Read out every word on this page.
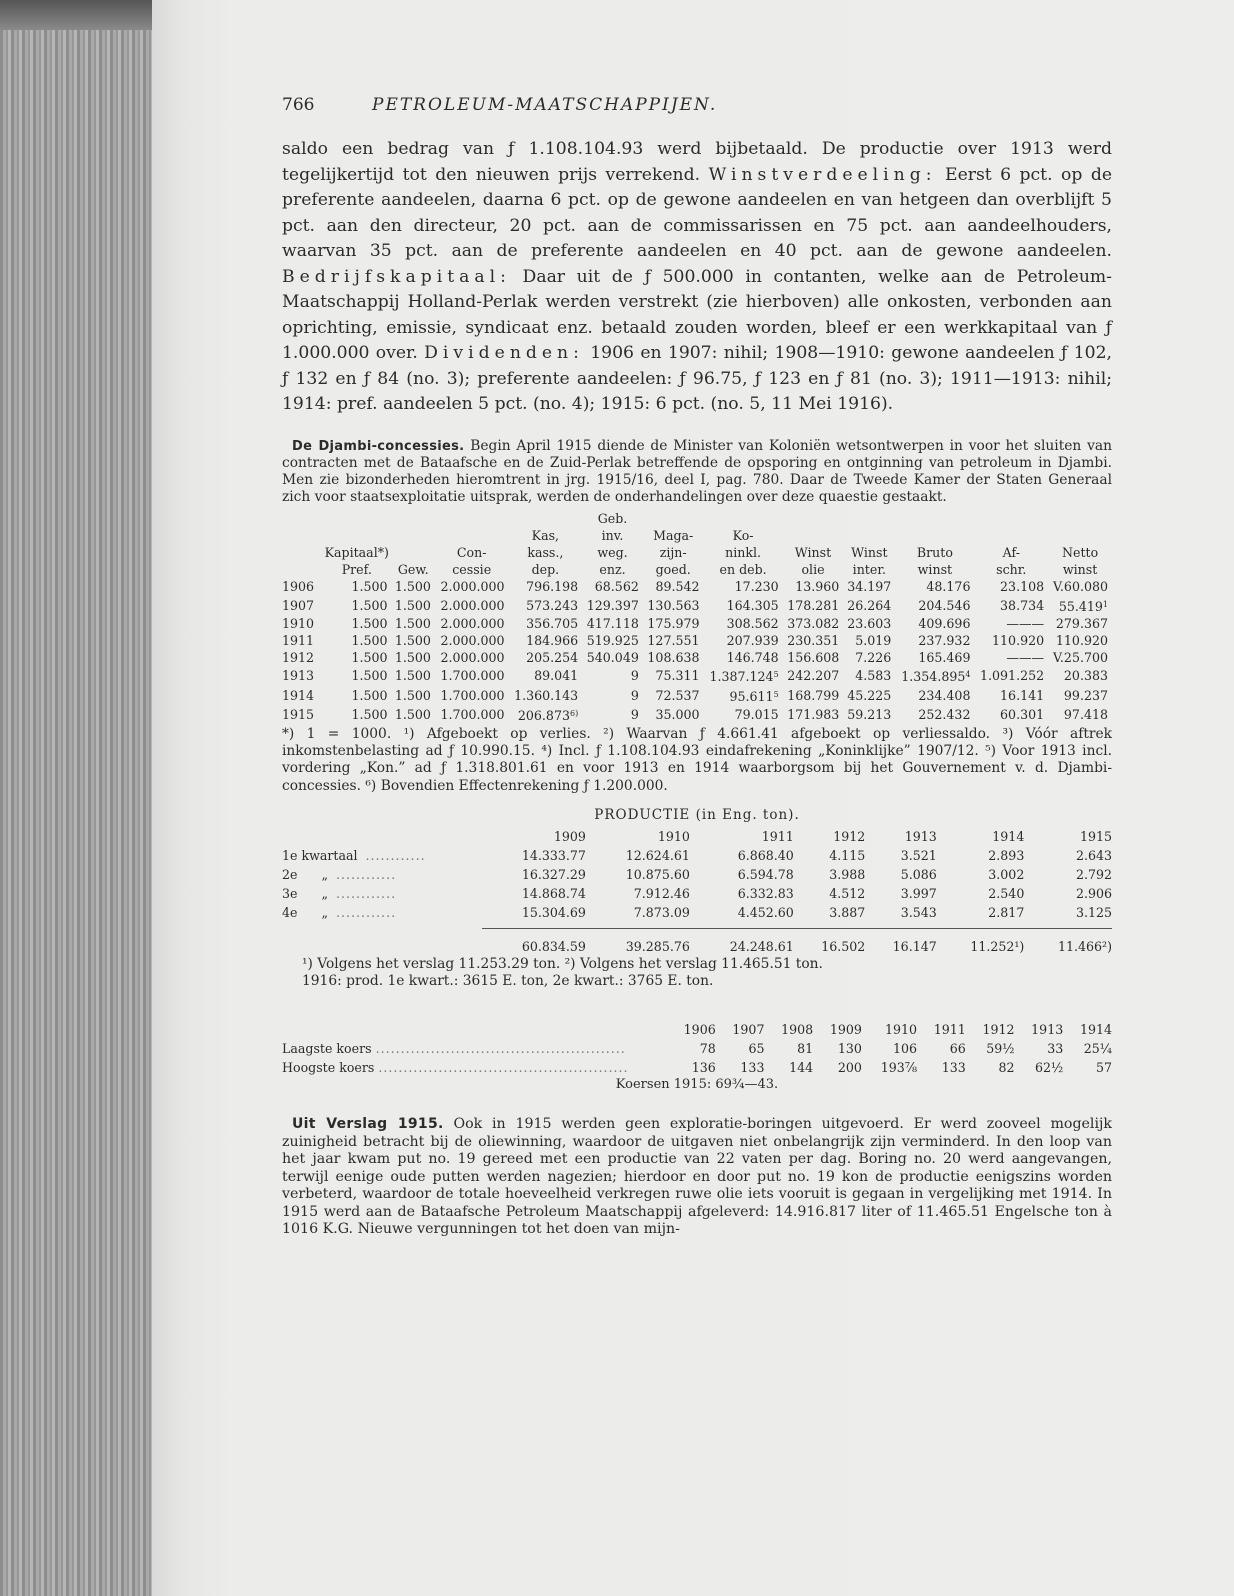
766	PETROLEUM-MAATSCHAPPIJEN.

saldo een bedrag van ƒ 1.108.104.93 werd bijbetaald. De productie over 1913 werd tegelijkertijd tot den nieuwen prijs verrekend. Winstverdeeling: Eerst 6 pct. op de preferente aandeelen, daarna 6 pct. op de gewone aandeelen en van hetgeen dan overblijft 5 pct. aan den directeur, 20 pct. aan de commissarissen en 75 pct. aan aandeelhouders, waarvan 35 pct. aan de preferente aandeelen en 40 pct. aan de gewone aandeelen. Bedrijfskapitaal: Daar uit de ƒ 500.000 in contanten, welke aan de Petroleum-Maatschappij Holland-Perlak werden verstrekt (zie hierboven) alle onkosten, verbonden aan oprichting, emissie, syndicaat enz. betaald zouden worden, bleef er een werkkapitaal van ƒ 1.000.000 over. Dividenden: 1906 en 1907: nihil; 1908—1910: gewone aandeelen ƒ 102, ƒ 132 en ƒ 84 (no. 3); preferente aandeelen: ƒ 96.75, ƒ 123 en ƒ 81 (no. 3); 1911—1913: nihil; 1914: pref. aandeelen 5 pct. (no. 4); 1915: 6 pct. (no. 5, 11 Mei 1916).

De Djambi-concessies. Begin April 1915 diende de Minister van Koloniën wetsontwerpen in voor het sluiten van contracten met de Bataafsche en de Zuid-Perlak betreffende de opsporing en ontginning van petroleum in Djambi. Men zie bizonderheden hieromtrent in jrg. 1915/16, deel I, pag. 780. Daar de Tweede Kamer der Staten Generaal zich voor staatsexploitatie uitsprak, werden de onderhandelingen over deze quaestie gestaakt.

					Geb.							
				Kas,	inv.	Maga-	Ko-					
	Kapitaal*)		Con-	kass.,	weg.	zijn-	ninkl.	Winst	Winst	Bruto	Af-	Netto
	Pref.	Gew.	cessie	dep.	enz.	goed.	en deb.	olie	inter.	winst	schr.	winst
1906	1.500	1.500	2.000.000	796.198	68.562	89.542	17.230	13.960	34.197	48.176	23.108	V.60.080
1907	1.500	1.500	2.000.000	573.243	129.397	130.563	164.305	178.281	26.264	204.546	38.734	55.419$^1$
1910	1.500	1.500	2.000.000	356.705	417.118	175.979	308.562	373.082	23.603	409.696	———	279.367
1911	1.500	1.500	2.000.000	184.966	519.925	127.551	207.939	230.351	5.019	237.932	110.920	110.920
1912	1.500	1.500	2.000.000	205.254	540.049	108.638	146.748	156.608	7.226	165.469	———	V.25.700
1913	1.500	1.500	1.700.000	89.041	9	75.311	1.387.124$^5$	242.207	4.583	1.354.895$^4$	1.091.252	20.383
1914	1.500	1.500	1.700.000	1.360.143	9	72.537	95.611$^5$	168.799	45.225	234.408	16.141	99.237
1915	1.500	1.500	1.700.000	206.873$^{6)}$	9	35.000	79.015	171.983	59.213	252.432	60.301	97.418

*) 1 = 1000. ¹) Afgeboekt op verlies. ²) Waarvan ƒ 4.661.41 afgeboekt op verliessaldo. ³) Vóór aftrek inkomstenbelasting ad ƒ 10.990.15. ⁴) Incl. ƒ 1.108.104.93 eindafrekening „Koninklijke” 1907/12. ⁵) Voor 1913 incl. vordering „Kon.” ad ƒ 1.318.801.61 en voor 1913 en 1914 waarborgsom bij het Gouvernement v. d. Djambi-concessies. ⁶) Bovendien Effectenrekening ƒ 1.200.000.

PRODUCTIE (in Eng. ton).
	1909	1910	1911	1912	1913	1914	1915
1e kwartaal ............	14.333.77	12.624.61	6.868.40	4.115	3.521	2.893	2.643
2e      „ ............	16.327.29	10.875.60	6.594.78	3.988	5.086	3.002	2.792
3e      „ ............	14.868.74	7.912.46	6.332.83	4.512	3.997	2.540	2.906
4e      „ ............	15.304.69	7.873.09	4.452.60	3.887	3.543	2.817	3.125

	60.834.59	39.285.76	24.248.61	16.502	16.147	11.252¹)	11.466²)

¹) Volgens het verslag 11.253.29 ton. ²) Volgens het verslag 11.465.51 ton.

1916: prod. 1e kwart.: 3615 E. ton, 2e kwart.: 3765 E. ton.

	1906	1907	1908	1909	1910	1911	1912	1913	1914
Laagste koers ..................................................	78	65	81	130	106	66	59½	33	25¼
Hoogste koers ..................................................	136	133	144	200	193⅞	133	82	62½	57
Koersen 1915: 69¾—43.

Uit Verslag 1915. Ook in 1915 werden geen exploratie-boringen uitgevoerd. Er werd zooveel mogelijk zuinigheid betracht bij de oliewinning, waardoor de uitgaven niet onbelangrijk zijn verminderd. In den loop van het jaar kwam put no. 19 gereed met een productie van 22 vaten per dag. Boring no. 20 werd aangevangen, terwijl eenige oude putten werden nagezien; hierdoor en door put no. 19 kon de productie eenigszins worden verbeterd, waardoor de totale hoeveelheid verkregen ruwe olie iets vooruit is gegaan in vergelijking met 1914. In 1915 werd aan de Bataafsche Petroleum Maatschappij afgeleverd: 14.916.817 liter of 11.465.51 Engelsche ton à 1016 K.G. Nieuwe vergunningen tot het doen van mijn-
